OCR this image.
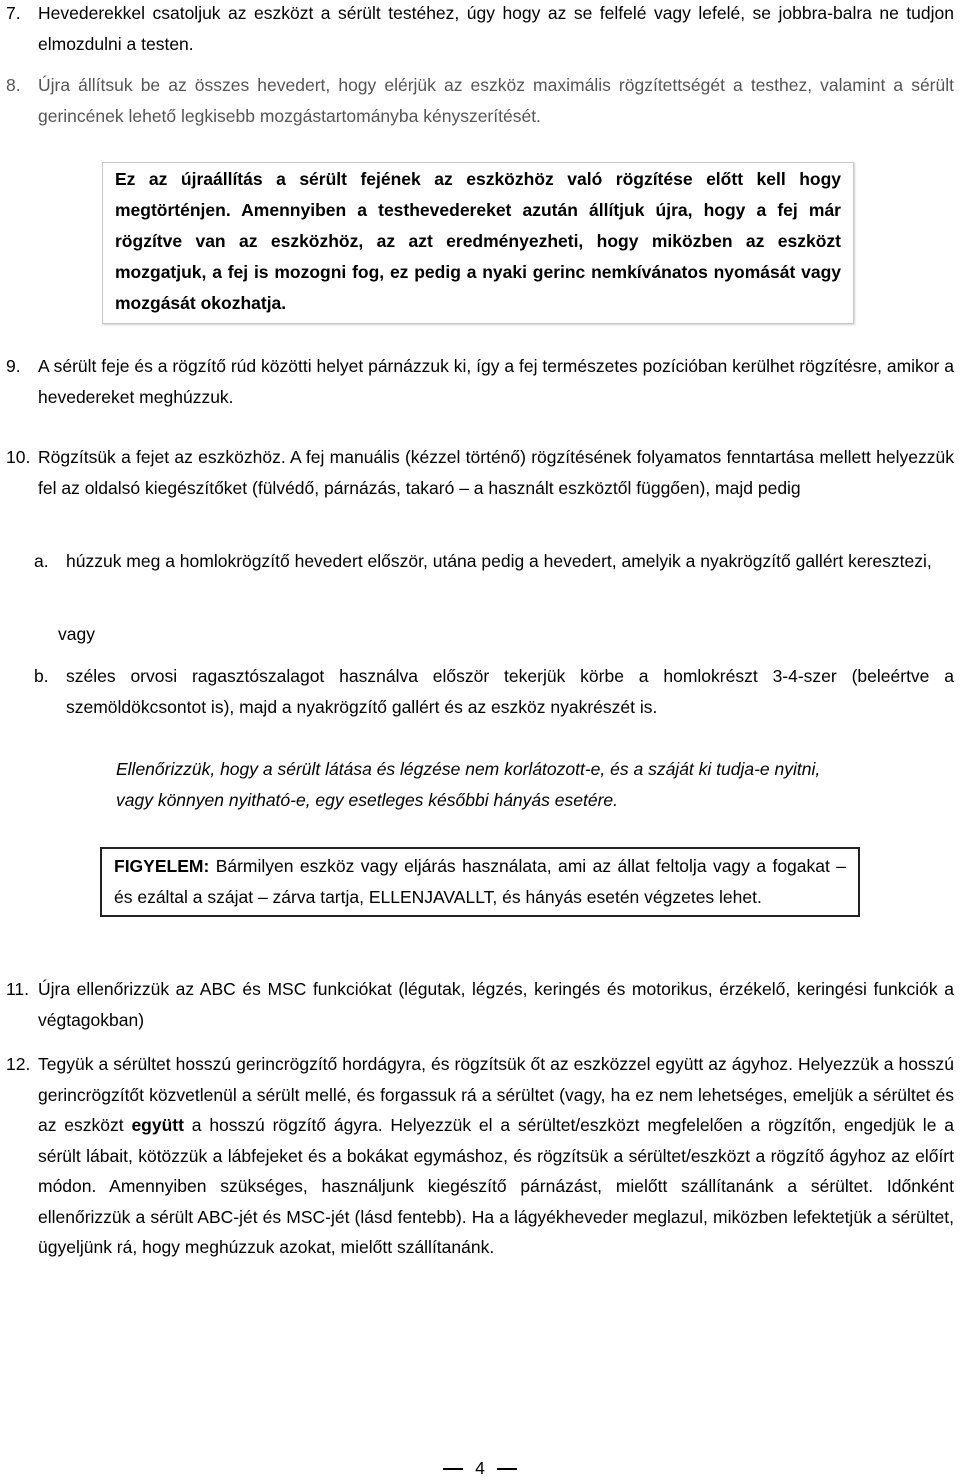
7. Hevederekkel csatoljuk az eszközt a sérült testéhez, úgy hogy az se felfelé vagy lefelé, se jobbra-balra ne tudjon elmozdulni a testen.
8. Újra állítsuk be az összes hevedert, hogy elérjük az eszköz maximális rögzítettségét a testhez, valamint a sérült gerincének lehető legkisebb mozgástartományba kényszerítését.
Ez az újraállítás a sérült fejének az eszközhöz való rögzítése előtt kell hogy megtörténjen. Amennyiben a testhevedereket azután állítjuk újra, hogy a fej már rögzítve van az eszközhöz, az azt eredményezheti, hogy miközben az eszközt mozgatjuk, a fej is mozogni fog, ez pedig a nyaki gerinc nemkívánatos nyomását vagy mozgását okozhatja.
9. A sérült feje és a rögzítő rúd közötti helyet párnázzuk ki, így a fej természetes pozícióban kerülhet rögzítésre, amikor a hevedereket meghúzzuk.
10. Rögzítsük a fejet az eszközhöz. A fej manuális (kézzel történő) rögzítésének folyamatos fenntartása mellett helyezzük fel az oldalsó kiegészítőket (fülvédő, párnázás, takaró – a használt eszköztől függően), majd pedig
a. húzzuk meg a homlokrögzítő hevedert először, utána pedig a hevedert, amelyik a nyakrögzítő gallért keresztezi,
vagy
b. széles orvosi ragasztószalagot használva először tekerjük körbe a homlokrészt 3-4-szer (beleértve a szemöldökcsontot is), majd a nyakrögzítő gallért és az eszköz nyakrészét is.
Ellenőrizzük, hogy a sérült látása és légzése nem korlátozott-e, és a száját ki tudja-e nyitni, vagy könnyen nyitható-e, egy esetleges későbbi hányás esetére.
FIGYELEM: Bármilyen eszköz vagy eljárás használata, ami az állat feltolja vagy a fogakat – és ezáltal a szájat – zárva tartja, ELLENJAVALLT, és hányás esetén végzetes lehet.
11. Újra ellenőrizzük az ABC és MSC funkciókat (légutak, légzés, keringés és motorikus, érzékelő, keringési funkciók a végtagokban)
12. Tegyük a sérültet hosszú gerincrögzítő hordágyra, és rögzítsük őt az eszközzel együtt az ágyhoz. Helyezzük a hosszú gerincrögzítőt közvetlenül a sérült mellé, és forgassuk rá a sérültet (vagy, ha ez nem lehetséges, emeljük a sérültet és az eszközt együtt a hosszú rögzítő ágyra. Helyezzük el a sérültet/eszközt megfelelően a rögzítőn, engedjük le a sérült lábait, kötözzük a lábfejeket és a bokákat egymáshoz, és rögzítsük a sérültet/eszközt a rögzítő ágyhoz az előírt módon. Amennyiben szükséges, használjunk kiegészítő párnázást, mielőtt szállítanánk a sérültet. Időnként ellenőrizzük a sérült ABC-jét és MSC-jét (lásd fentebb). Ha a lágyékheveder meglazul, miközben lefektetjük a sérültet, ügyeljünk rá, hogy meghúzzuk azokat, mielőtt szállítanánk.
4
